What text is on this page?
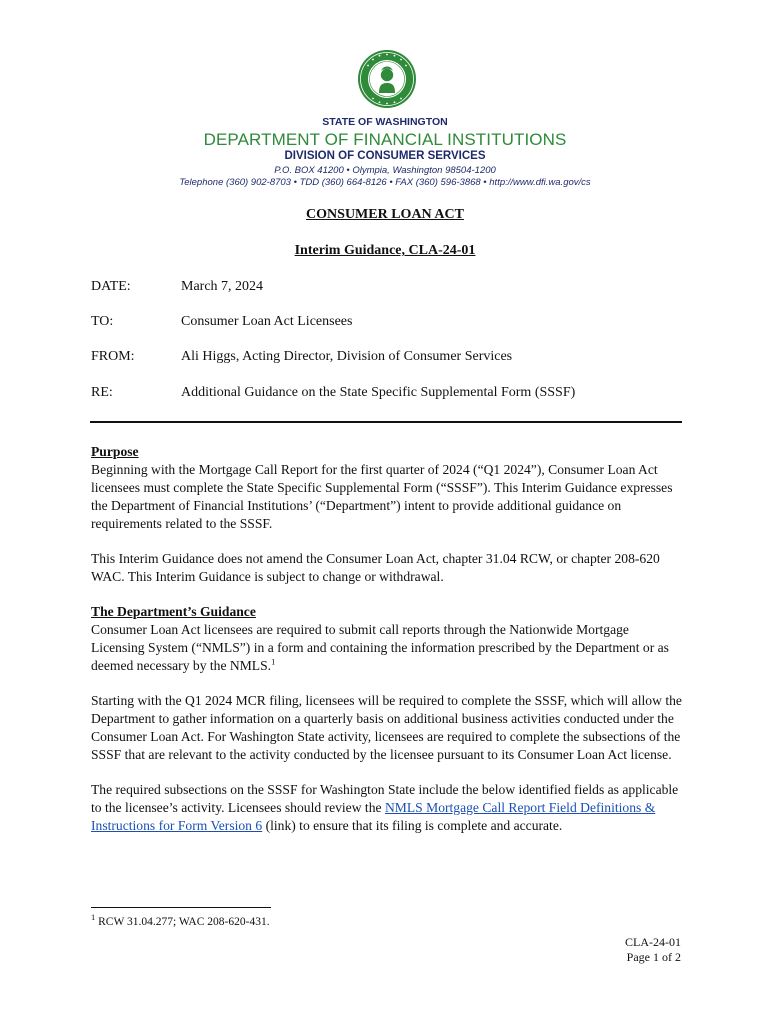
STATE OF WASHINGTON
DEPARTMENT OF FINANCIAL INSTITUTIONS
DIVISION OF CONSUMER SERVICES
P.O. BOX 41200 • Olympia, Washington 98504-1200
Telephone (360) 902-8703 • TDD (360) 664-8126 • FAX (360) 596-3868 • http://www.dfi.wa.gov/cs
CONSUMER LOAN ACT
Interim Guidance, CLA-24-01
DATE:	March 7, 2024
TO:	Consumer Loan Act Licensees
FROM:	Ali Higgs, Acting Director, Division of Consumer Services
RE:	Additional Guidance on the State Specific Supplemental Form (SSSF)

Purpose

Beginning with the Mortgage Call Report for the first quarter of 2024 (“Q1 2024”), Consumer Loan Act licensees must complete the State Specific Supplemental Form (“SSSF”). This Interim Guidance expresses the Department of Financial Institutions’ (“Department”) intent to provide additional guidance on requirements related to the SSSF.

This Interim Guidance does not amend the Consumer Loan Act, chapter 31.04 RCW, or chapter 208-620 WAC. This Interim Guidance is subject to change or withdrawal.

The Department’s Guidance

Consumer Loan Act licensees are required to submit call reports through the Nationwide Mortgage Licensing System (“NMLS”) in a form and containing the information prescribed by the Department or as deemed necessary by the NMLS.$^1$

Starting with the Q1 2024 MCR filing, licensees will be required to complete the SSSF, which will allow the Department to gather information on a quarterly basis on additional business activities conducted under the Consumer Loan Act. For Washington State activity, licensees are required to complete the subsections of the SSSF that are relevant to the activity conducted by the licensee pursuant to its Consumer Loan Act license.

The required subsections on the SSSF for Washington State include the below identified fields as applicable to the licensee’s activity. Licensees should review the NMLS Mortgage Call Report Field Definitions & Instructions for Form Version 6 (link) to ensure that its filing is complete and accurate.

$^1$ RCW 31.04.277; WAC 208-620-431.
CLA-24-01
Page 1 of 2
